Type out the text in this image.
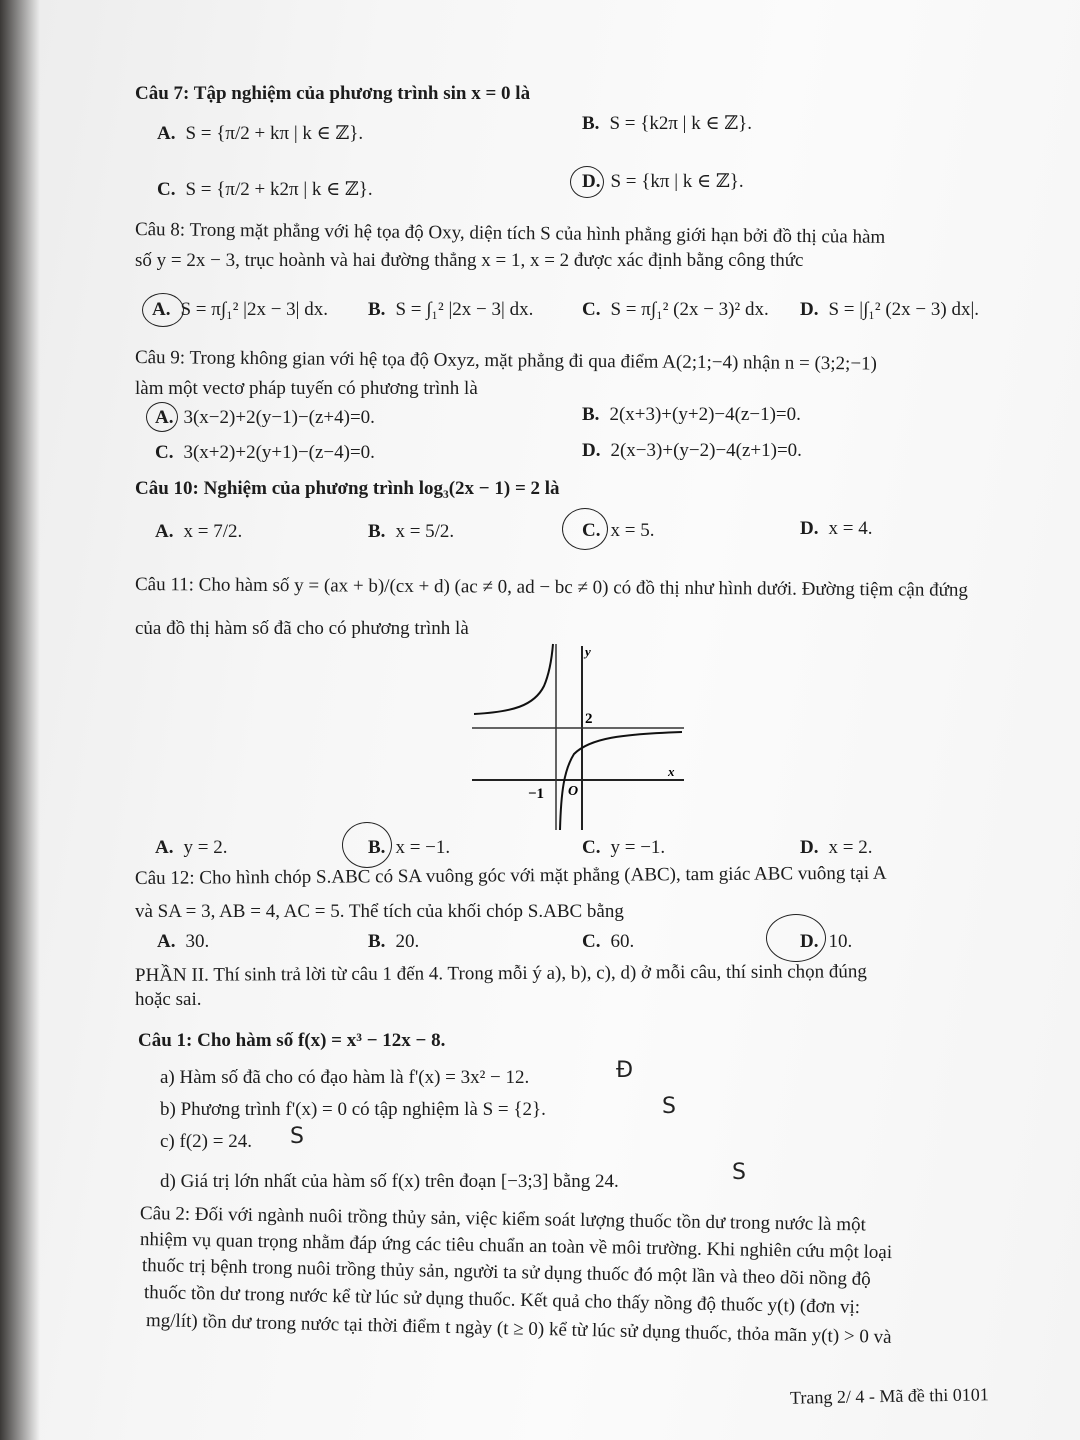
Câu 7: Tập nghiệm của phương trình sin x = 0 là
A. S = {π/2 + kπ | k ∈ ℤ}.	B. S = {k2π | k ∈ ℤ}.
C. S = {π/2 + k2π | k ∈ ℤ}.	D. S = {kπ | k ∈ ℤ}.
Câu 8: Trong mặt phẳng với hệ tọa độ Oxy, diện tích S của hình phẳng giới hạn bởi đồ thị của hàm
số y = 2x − 3, trục hoành và hai đường thẳng x = 1, x = 2 được xác định bằng công thức
A. S = π∫₁² |2x − 3| dx. B. S = ∫₁² |2x − 3| dx.	C. S = π∫₁² (2x − 3)² dx. D. S = |∫₁² (2x − 3) dx|.
Câu 9: Trong không gian với hệ tọa độ Oxyz, mặt phẳng đi qua điểm A(2;1;−4) nhận n = (3;2;−1)
làm một vectơ pháp tuyến có phương trình là
A. 3(x−2)+2(y−1)−(z+4)=0.	B. 2(x+3)+(y+2)−4(z−1)=0.
C. 3(x+2)+2(y+1)−(z−4)=0.	D. 2(x−3)+(y−2)−4(z+1)=0.
Câu 10: Nghiệm của phương trình log₃(2x − 1) = 2 là
A. x = 7/2.	B. x = 5/2.	C. x = 5.	D. x = 4.
Câu 11: Cho hàm số y = (ax + b)/(cx + d) (ac ≠ 0, ad − bc ≠ 0) có đồ thị như hình dưới. Đường tiệm cận đứng
của đồ thị hàm số đã cho có phương trình là
y
x
O
−1
2
A. y = 2.	B. x = −1.	C. y = −1.	D. x = 2.
Câu 12: Cho hình chóp S.ABC có SA vuông góc với mặt phẳng (ABC), tam giác ABC vuông tại A
và SA = 3, AB = 4, AC = 5. Thể tích của khối chóp S.ABC bằng
A. 30.	B. 20.	C. 60.	D. 10.
PHẦN II. Thí sinh trả lời từ câu 1 đến 4. Trong mỗi ý a), b), c), d) ở mỗi câu, thí sinh chọn đúng
hoặc sai.
Câu 1: Cho hàm số f(x) = x³ − 12x − 8.
a) Hàm số đã cho có đạo hàm là f'(x) = 3x² − 12.
b) Phương trình f'(x) = 0 có tập nghiệm là S = {2}.
c) f(2) = 24.
d) Giá trị lớn nhất của hàm số f(x) trên đoạn [−3;3] bằng 24.
Đ
S
S
S
Câu 2: Đối với ngành nuôi trồng thủy sản, việc kiểm soát lượng thuốc tồn dư trong nước là một
nhiệm vụ quan trọng nhằm đáp ứng các tiêu chuẩn an toàn về môi trường. Khi nghiên cứu một loại
thuốc trị bệnh trong nuôi trồng thủy sản, người ta sử dụng thuốc đó một lần và theo dõi nồng độ
thuốc tồn dư trong nước kể từ lúc sử dụng thuốc. Kết quả cho thấy nồng độ thuốc y(t) (đơn vị:
mg/lít) tồn dư trong nước tại thời điểm t ngày (t ≥ 0) kể từ lúc sử dụng thuốc, thỏa mãn y(t) > 0 và
Trang 2/ 4 - Mã đề thi 0101
